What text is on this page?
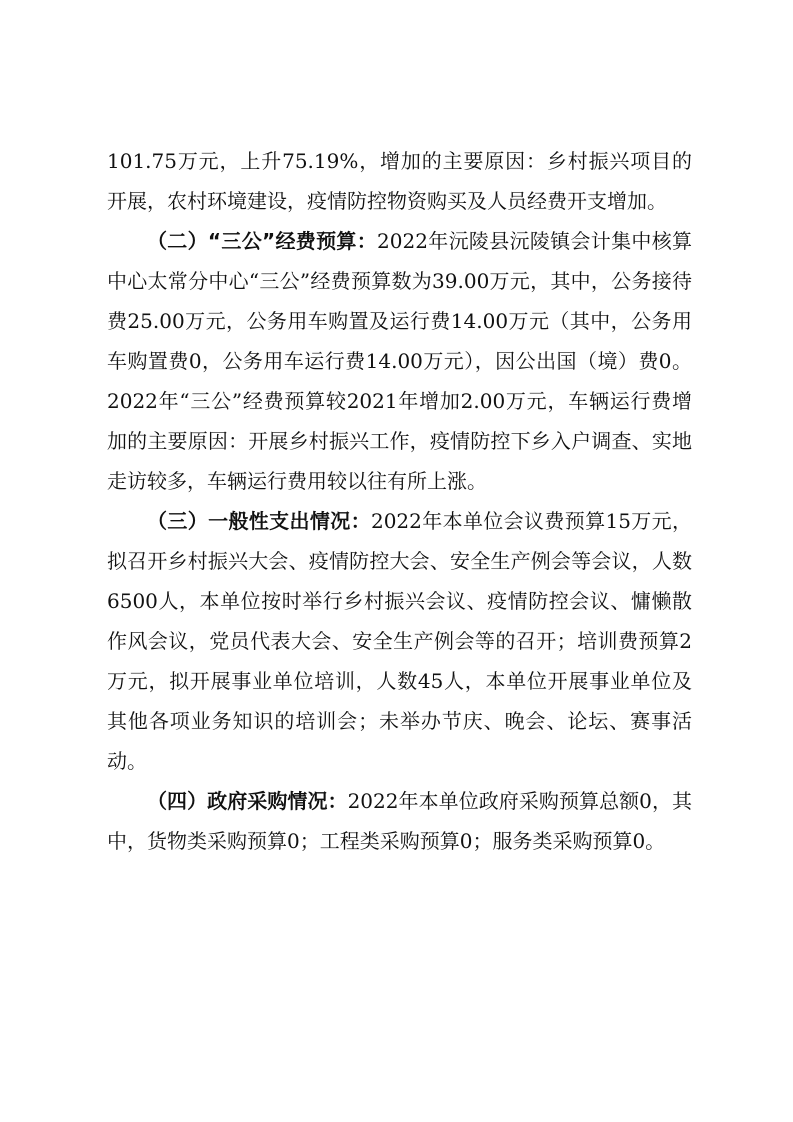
101.75万元，上升75.19%，增加的主要原因：乡村振兴项目的开展，农村环境建设，疫情防控物资购买及人员经费开支增加。

（二）“三公”经费预算：2022年沅陵县沅陵镇会计集中核算中心太常分中心“三公”经费预算数为39.00万元，其中，公务接待费25.00万元，公务用车购置及运行费14.00万元（其中，公务用车购置费0，公务用车运行费14.00万元），因公出国（境）费0。2022年“三公”经费预算较2021年增加2.00万元，车辆运行费增加的主要原因：开展乡村振兴工作，疫情防控下乡入户调查、实地走访较多，车辆运行费用较以往有所上涨。

（三）一般性支出情况：2022年本单位会议费预算15万元，拟召开乡村振兴大会、疫情防控大会、安全生产例会等会议，人数6500人，本单位按时举行乡村振兴会议、疫情防控会议、慵懒散作风会议，党员代表大会、安全生产例会等的召开；培训费预算2万元，拟开展事业单位培训，人数45人，本单位开展事业单位及其他各项业务知识的培训会；未举办节庆、晚会、论坛、赛事活动。

（四）政府采购情况：2022年本单位政府采购预算总额0，其中，货物类采购预算0；工程类采购预算0；服务类采购预算0。
